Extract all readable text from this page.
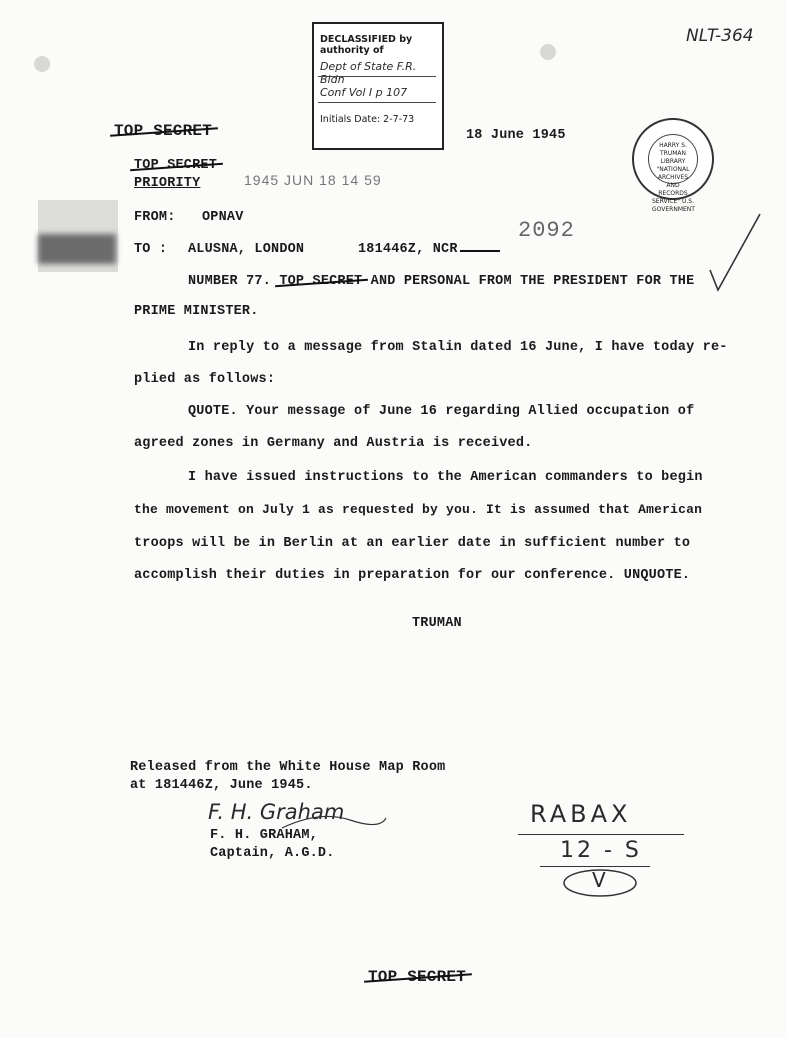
NLT-364
DECLASSIFIED by authority of
Dept of State F.R. Bldn
Conf Vol I p 107
Initials Date: 2-7-73
TOP SECRET	18 June 1945
HARRY S. TRUMAN LIBRARY "NATIONAL ARCHIVES AND RECORDS SERVICE" U.S. GOVERNMENT
TOP SECRET
PRIORITY	1945 JUN 18 14 59
FROM: OPNAV
TO : ALUSNA, LONDON	181446Z, NCR
2092
NUMBER 77. TOP SECRET AND PERSONAL FROM THE PRESIDENT FOR THE
PRIME MINISTER.
In reply to a message from Stalin dated 16 June, I have today re-
plied as follows:
QUOTE. Your message of June 16 regarding Allied occupation of
agreed zones in Germany and Austria is received.
I have issued instructions to the American commanders to begin
the movement on July 1 as requested by you. It is assumed that American
troops will be in Berlin at an earlier date in sufficient number to
accomplish their duties in preparation for our conference. UNQUOTE.
TRUMAN
Released from the White House Map Room
at 181446Z, June 1945.
F. H. Graham
F. H. GRAHAM,
Captain, A.G.D.
RABAX
12 - S
V
TOP SECRET
